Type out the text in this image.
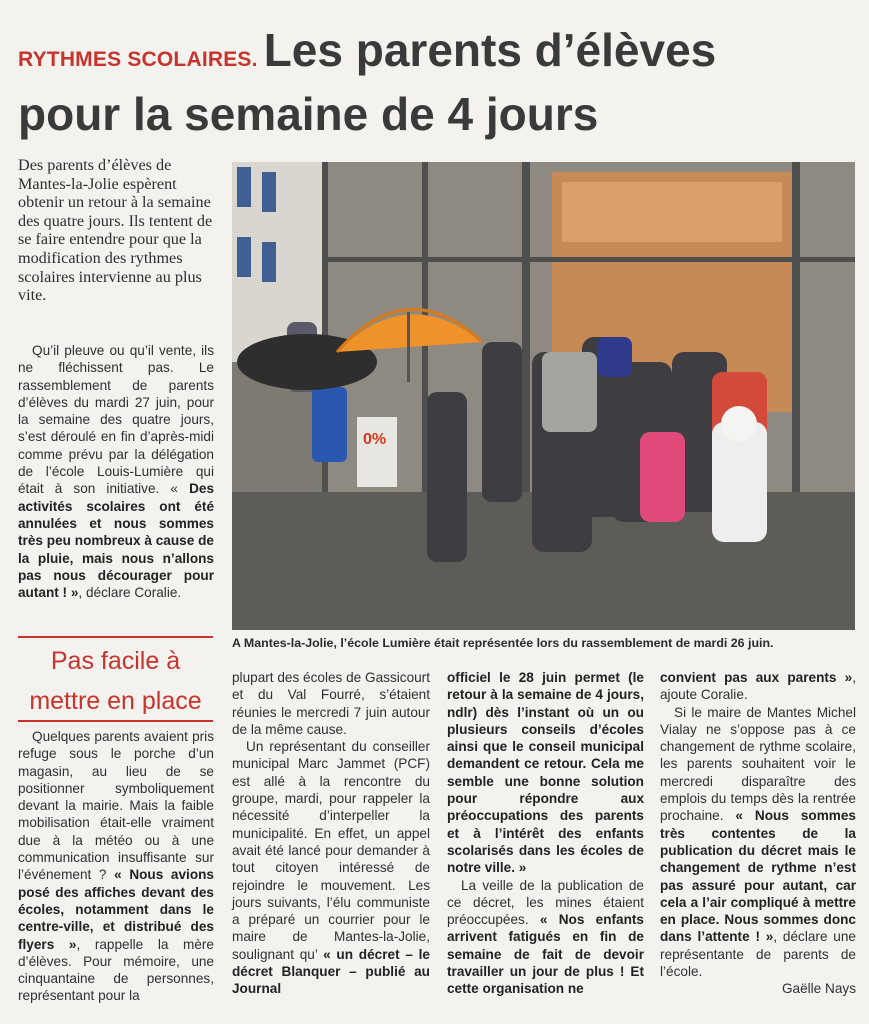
RYTHMES SCOLAIRES. Les parents d’élèves
pour la semaine de 4 jours
Des parents d’élèves de Mantes-la-Jolie espèrent obtenir un retour à la semaine des quatre jours. Ils tentent de se faire entendre pour que la modification des rythmes scolaires intervienne au plus vite.

Qu’il pleuve ou qu’il vente, ils ne fléchissent pas. Le rassemblement de parents d’élèves du mardi 27 juin, pour la semaine des quatre jours, s’est déroulé en fin d’après-midi comme prévu par la délégation de l’école Louis-Lumière qui était à son initiative. « Des activités scolaires ont été annulées et nous sommes très peu nombreux à cause de la pluie, mais nous n’allons pas nous décourager pour autant ! », déclare Coralie.

0%
A Mantes-la-Jolie, l’école Lumière était représentée lors du rassemblement de mardi 26 juin.
Pas facile à
mettre en place

Quelques parents avaient pris refuge sous le porche d’un magasin, au lieu de se positionner symboliquement devant la mairie. Mais la faible mobilisation était-elle vraiment due à la météo ou à une communication insuffisante sur l’événement ? « Nous avions posé des affiches devant des écoles, notamment dans le centre-ville, et distribué des flyers », rappelle la mère d’élèves. Pour mémoire, une cinquantaine de personnes, représentant pour la

plupart des écoles de Gassicourt et du Val Fourré, s’étaient réunies le mercredi 7 juin autour de la même cause.

Un représentant du conseiller municipal Marc Jammet (PCF) est allé à la rencontre du groupe, mardi, pour rappeler la nécessité d’interpeller la municipalité. En effet, un appel avait été lancé pour demander à tout citoyen intéressé de rejoindre le mouvement. Les jours suivants, l’élu communiste a préparé un courrier pour le maire de Mantes-la-Jolie, soulignant qu’ « un décret – le décret Blanquer – publié au Journal

officiel le 28 juin permet (le retour à la semaine de 4 jours, ndlr) dès l’instant où un ou plusieurs conseils d’écoles ainsi que le conseil municipal demandent ce retour. Cela me semble une bonne solution pour répondre aux préoccupations des parents et à l’intérêt des enfants scolarisés dans les écoles de notre ville. »

La veille de la publication de ce décret, les mines étaient préoccupées. « Nos enfants arrivent fatigués en fin de semaine de fait de devoir travailler un jour de plus ! Et cette organisation ne

convient pas aux parents », ajoute Coralie.

Si le maire de Mantes Michel Vialay ne s’oppose pas à ce changement de rythme scolaire, les parents souhaitent voir le mercredi disparaître des emplois du temps dès la rentrée prochaine. « Nous sommes très contentes de la publication du décret mais le changement de rythme n’est pas assuré pour autant, car cela a l’air compliqué à mettre en place. Nous sommes donc dans l’attente ! », déclare une représentante de parents de l’école.

Gaëlle Nays
